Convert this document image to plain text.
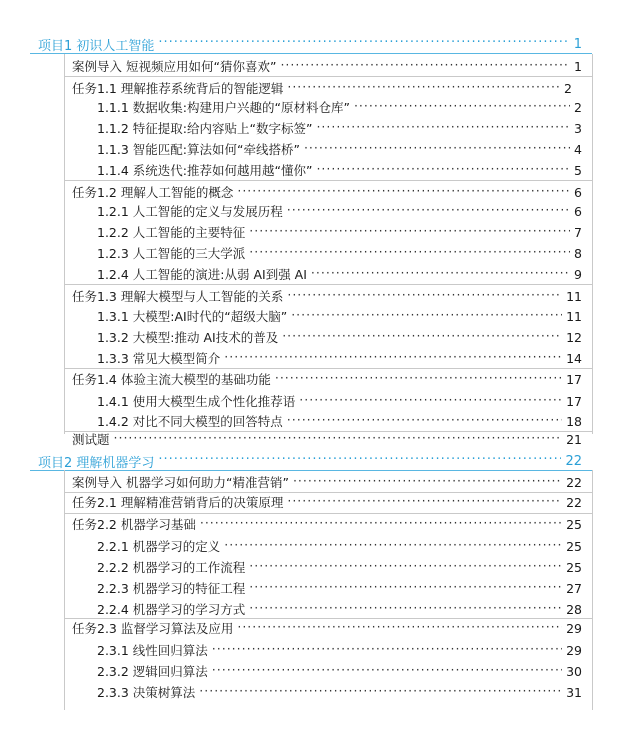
项目1 初识人工智能 ·····	1
案例导入 短视频应用如何“猜你喜欢” ·····	1
任务1.1 理解推荐系统背后的智能逻辑 ·····	2
1.1.1 数据收集:构建用户兴趣的“原材料仓库” ·····	2
1.1.2 特征提取:给内容贴上“数字标签” ·····	3
1.1.3 智能匹配:算法如何“牵线搭桥” ·····	4
1.1.4 系统迭代:推荐如何越用越“懂你” ·····	5
任务1.2 理解人工智能的概念 ·····	6
1.2.1 人工智能的定义与发展历程 ·····	6
1.2.2 人工智能的主要特征 ·····	7
1.2.3 人工智能的三大学派 ·····	8
1.2.4 人工智能的演进:从弱 AI到强 AI ·····	9
任务1.3 理解大模型与人工智能的关系 ·····	11
1.3.1 大模型:AI时代的“超级大脑” ·····	11
1.3.2 大模型:推动 AI技术的普及 ·····	12
1.3.3 常见大模型简介 ·····	14
任务1.4 体验主流大模型的基础功能 ·····	17
1.4.1 使用大模型生成个性化推荐语 ·····	17
1.4.2 对比不同大模型的回答特点 ·····	18
测试题 ·····	21
项目2 理解机器学习 ·····	22
案例导入 机器学习如何助力“精准营销” ·····	22
任务2.1 理解精准营销背后的决策原理 ·····	22
任务2.2 机器学习基础 ·····	25
2.2.1 机器学习的定义 ·····	25
2.2.2 机器学习的工作流程 ·····	25
2.2.3 机器学习的特征工程 ·····	27
2.2.4 机器学习的学习方式 ·····	28
任务2.3 监督学习算法及应用 ·····	29
2.3.1 线性回归算法 ·····	29
2.3.2 逻辑回归算法 ·····	30
2.3.3 决策树算法 ·····	31
